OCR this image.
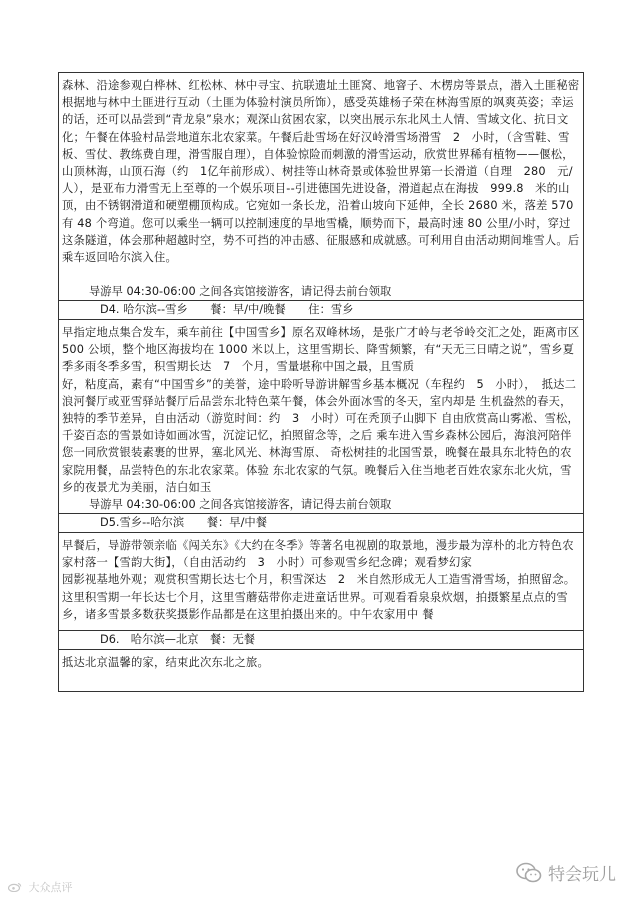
森林、沿途参观白桦林、红松林、林中寻宝、抗联遗址土匪窝、地窨子、木楞房等景点，潜入土匪秘密根据地与林中土匪进行互动（土匪为体验村演员所饰），感受英雄杨子荣在林海雪原的飒爽英姿；幸运的话，还可以品尝到“青龙泉”泉水；观深山贫困农家，以突出展示东北风土人情、雪域文化、抗日文化；午餐在体验村品尝地道东北农家菜。午餐后赴雪场在好汉岭滑雪场滑雪　2　小时，（含雪鞋、雪板、雪仗、教练费自理，滑雪服自理），自体验惊险而刺激的滑雪运动，欣赏世界稀有植物——偃松，山顶林海，山顶石海（约　1亿年前形成）、树挂等山林奇景或体验世界第一长滑道（自理　280　元/人），是亚布力滑雪无上至尊的一个娱乐项目--引进德国先进设备，滑道起点在海拔　999.8　米的山顶，由不锈钢滑道和硬塑棚顶构成。它宛如一条长龙，沿着山坡向下延伸，全长 2680 米，落差 570 有 48 个弯道。您可以乘坐一辆可以控制速度的旱地雪橇，顺势而下，最高时速 80 公里/小时，穿过这条隧道，体会那种超越时空，势不可挡的冲击感、征服感和成就感。可利用自由活动期间堆雪人。后乘车返回哈尔滨入住。
导游早 04:30-06:00 之间各宾馆接游客，请记得去前台领取
D4. 哈尔滨--雪乡　　餐：早/中/晚餐　　住：雪乡
早指定地点集合发车，乘车前往【中国雪乡】原名双峰林场，是张广才岭与老爷岭交汇之处，距离市区 500 公顷，整个地区海拔均在 1000 米以上，这里雪期长、降雪频繁，有“天无三日晴之说”，雪乡夏季多雨冬季多雪，积雪期长达　7　个月，雪量堪称中国之最，且雪质
好，粘度高，素有“中国雪乡”的美誉，途中聆听导游讲解雪乡基本概况（车程约　5　小时），　抵达二浪河餐厅或亚雪驿站餐厅后品尝东北特色菜午餐，体会外面冰雪的冬天，室内却是 生机盎然的春天，独特的季节差异，自由活动（游览时间：约　3　小时）可在秃顶子山脚下 自由欣赏高山雾凇、雪松，千姿百态的雪景如诗如画冰雪，沉淀记忆，拍照留念等，之后 乘车进入雪乡森林公园后，海浪河陪伴您一同欣赏银装素裹的世界，塞北风光、林海雪原、 奇松树挂的北国雪景，晚餐在最具东北特色的农家院用餐，品尝特色的东北农家菜。体验 东北农家的气氛。晚餐后入住当地老百姓农家东北火炕，雪乡的夜景尤为美丽，洁白如玉
导游早 04:30-06:00 之间各宾馆接游客，请记得去前台领取
D5.雪乡--哈尔滨　　餐：早/中餐
早餐后，导游带领亲临《闯关东》《大约在冬季》等著名电视剧的取景地，漫步最为淳朴的北方特色农家村落一【雪韵大街】，（自由活动约　3　小时）可参观雪乡纪念碑；观看梦幻家
园影视基地外观；观赏积雪期长达七个月，积雪深达　2　米自然形成无人工造雪滑雪场，拍照留念。这里积雪期一年长达七个月，这里雪蘑菇带你走进童话世界。可观看看泉泉炊烟，拍摄繁星点点的雪乡，诸多雪景多数获奖摄影作品都是在这里拍摄出来的。中午农家用中 餐
D6.　哈尔滨—北京　餐：无餐
抵达北京温馨的家，结束此次东北之旅。
特会玩儿
大众点评
